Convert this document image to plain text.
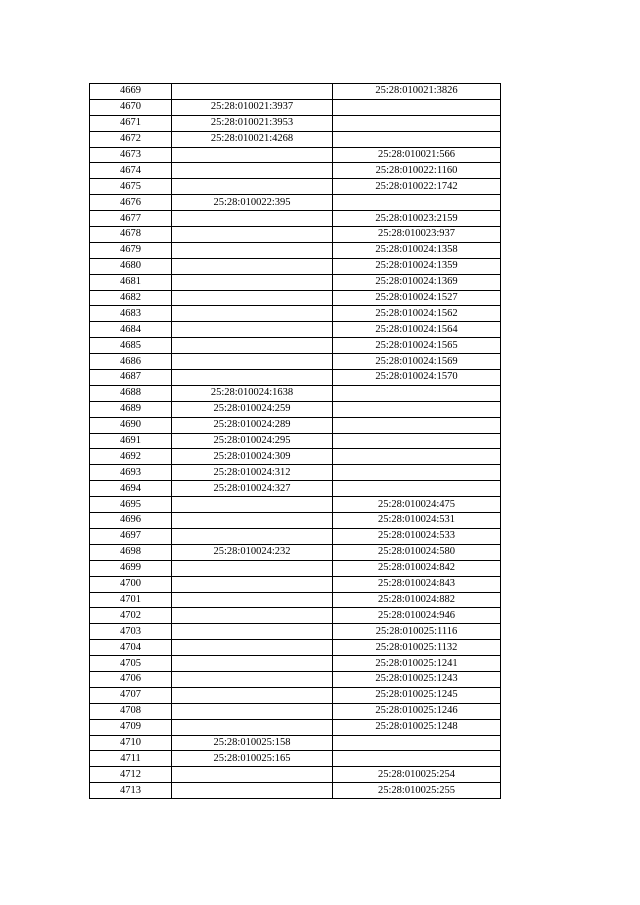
4669		25:28:010021:3826
4670	25:28:010021:3937	
4671	25:28:010021:3953	
4672	25:28:010021:4268	
4673		25:28:010021:566
4674		25:28:010022:1160
4675		25:28:010022:1742
4676	25:28:010022:395	
4677		25:28:010023:2159
4678		25:28:010023:937
4679		25:28:010024:1358
4680		25:28:010024:1359
4681		25:28:010024:1369
4682		25:28:010024:1527
4683		25:28:010024:1562
4684		25:28:010024:1564
4685		25:28:010024:1565
4686		25:28:010024:1569
4687		25:28:010024:1570
4688	25:28:010024:1638	
4689	25:28:010024:259	
4690	25:28:010024:289	
4691	25:28:010024:295	
4692	25:28:010024:309	
4693	25:28:010024:312	
4694	25:28:010024:327	
4695		25:28:010024:475
4696		25:28:010024:531
4697		25:28:010024:533
4698	25:28:010024:232	25:28:010024:580
4699		25:28:010024:842
4700		25:28:010024:843
4701		25:28:010024:882
4702		25:28:010024:946
4703		25:28:010025:1116
4704		25:28:010025:1132
4705		25:28:010025:1241
4706		25:28:010025:1243
4707		25:28:010025:1245
4708		25:28:010025:1246
4709		25:28:010025:1248
4710	25:28:010025:158	
4711	25:28:010025:165	
4712		25:28:010025:254
4713		25:28:010025:255
